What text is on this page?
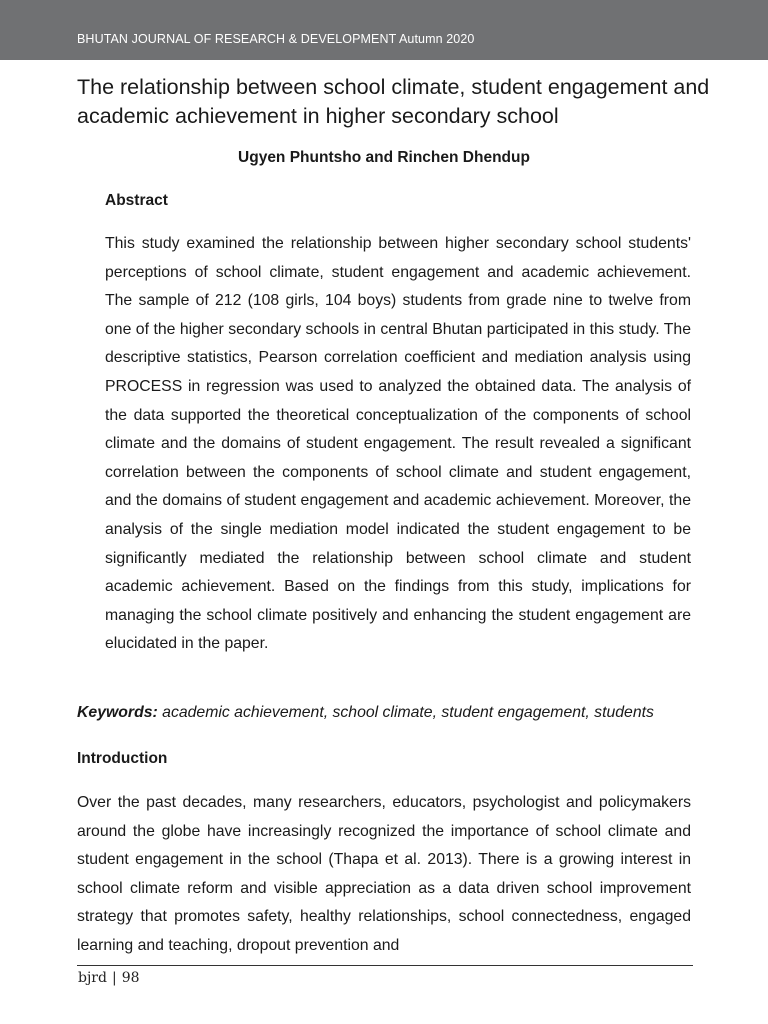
BHUTAN JOURNAL OF RESEARCH & DEVELOPMENT Autumn 2020
The relationship between school climate, student engagement and academic achievement in higher secondary school
Ugyen Phuntsho and Rinchen Dhendup
Abstract

This study examined the relationship between higher secondary school students' perceptions of school climate, student engagement and academic achievement. The sample of 212 (108 girls, 104 boys) students from grade nine to twelve from one of the higher secondary schools in central Bhutan participated in this study. The descriptive statistics, Pearson correlation coefficient and mediation analysis using PROCESS in regression was used to analyzed the obtained data. The analysis of the data supported the theoretical conceptualization of the components of school climate and the domains of student engagement. The result revealed a significant correlation between the components of school climate and student engagement, and the domains of student engagement and academic achievement. Moreover, the analysis of the single mediation model indicated the student engagement to be significantly mediated the relationship between school climate and student academic achievement. Based on the findings from this study, implications for managing the school climate positively and enhancing the student engagement are elucidated in the paper.

Keywords: academic achievement, school climate, student engagement, students
Introduction

Over the past decades, many researchers, educators, psychologist and policymakers around the globe have increasingly recognized the importance of school climate and student engagement in the school (Thapa et al. 2013). There is a growing interest in school climate reform and visible appreciation as a data driven school improvement strategy that promotes safety, healthy relationships, school connectedness, engaged learning and teaching, dropout prevention and

bjrd | 98
